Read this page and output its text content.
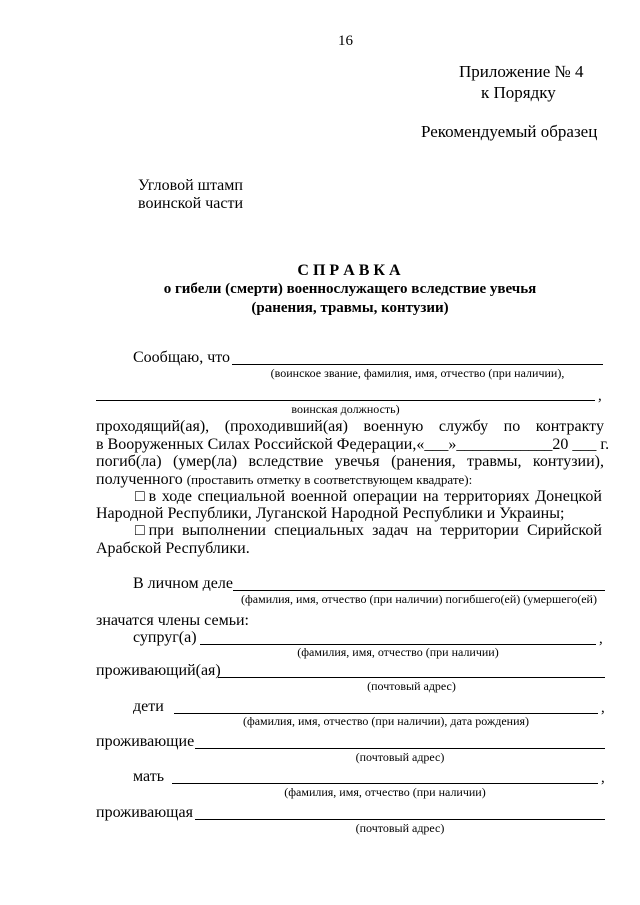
16
Приложение № 4
к Порядку
Рекомендуемый образец
Угловой штамп
воинской части
С П Р А В К А
о гибели (смерти) военнослужащего вследствие увечья
(ранения, травмы, контузии)
Сообщаю, что
(воинское звание, фамилия, имя, отчество (при наличии),
,
воинская должность)
проходящий(ая), (проходивший(ая) военную службу по контракту
в Вооруженных Силах Российской Федерации, «___» ____________ 20 ___ г.
погиб(ла) (умер(ла) вследствие увечья (ранения, травмы, контузии),
полученного (проставить отметку в соответствующем квадрате):
□ в ходе специальной военной операции на территориях Донецкой
Народной Республики, Луганской Народной Республики и Украины;
□ при выполнении специальных задач на территории Сирийской
Арабской Республики.
В личном деле
(фамилия, имя, отчество (при наличии) погибшего(ей) (умершего(ей)
значатся члены семьи:
супруг(а)	,
(фамилия, имя, отчество (при наличии)
проживающий(ая)
(почтовый адрес)
дети	,
(фамилия, имя, отчество (при наличии), дата рождения)
проживающие
(почтовый адрес)
мать	,
(фамилия, имя, отчество (при наличии)
проживающая
(почтовый адрес)
